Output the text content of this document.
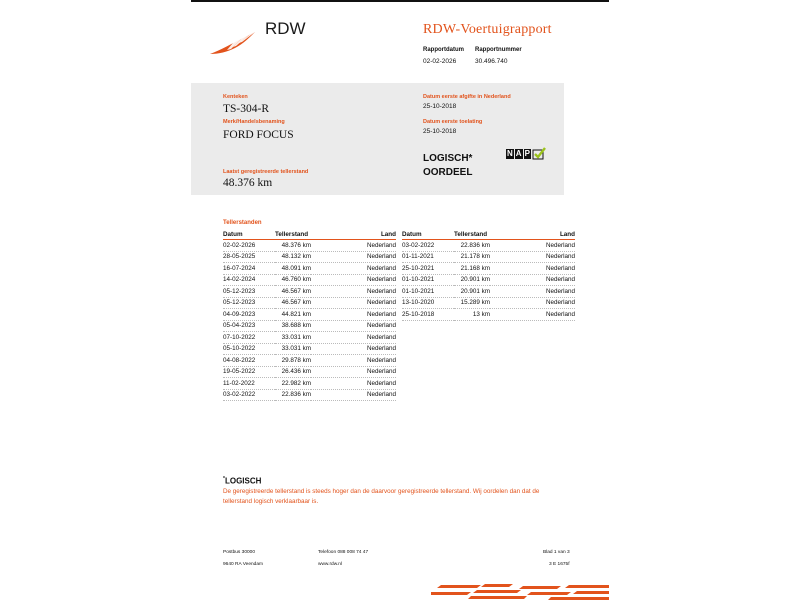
RDW	RDW-Voertuigrapport
Rapportdatum Rapportnummer
02-02-2026	30.496.740
Kenteken
TS-304-R
Merk/Handelsbenaming
FORD FOCUS
Laatst geregistreerde tellerstand
48.376 km
Datum eerste afgifte in Nederland
25-10-2018
Datum eerste toelating
25-10-2018
LOGISCH*
OORDEEL
N A P
Tellerstanden
Datum	Tellerstand	Land
02-02-2026	48.376 km	Nederland
28-05-2025	48.132 km	Nederland
16-07-2024	48.091 km	Nederland
14-02-2024	46.760 km	Nederland
05-12-2023	46.567 km	Nederland
05-12-2023	46.567 km	Nederland
04-09-2023	44.821 km	Nederland
05-04-2023	38.688 km	Nederland
07-10-2022	33.031 km	Nederland
05-10-2022	33.031 km	Nederland
04-08-2022	29.878 km	Nederland
19-05-2022	26.436 km	Nederland
11-02-2022	22.982 km	Nederland
03-02-2022	22.836 km	Nederland
Datum	Tellerstand	Land
03-02-2022	22.836 km	Nederland
01-11-2021	21.178 km	Nederland
25-10-2021	21.168 km	Nederland
01-10-2021	20.901 km	Nederland
01-10-2021	20.901 km	Nederland
13-10-2020	15.289 km	Nederland
25-10-2018	13 km	Nederland
*LOGISCH
De geregistreerde tellerstand is steeds hoger dan de daarvoor geregistreerde tellerstand. Wij oordelen dan dat de tellerstand logisch verklaarbaar is.
Postbus 30000
9640 RA Veendam
Telefoon 088 008 74 47
www.rdw.nl
Blad 1 van 3
3 E 1675f
